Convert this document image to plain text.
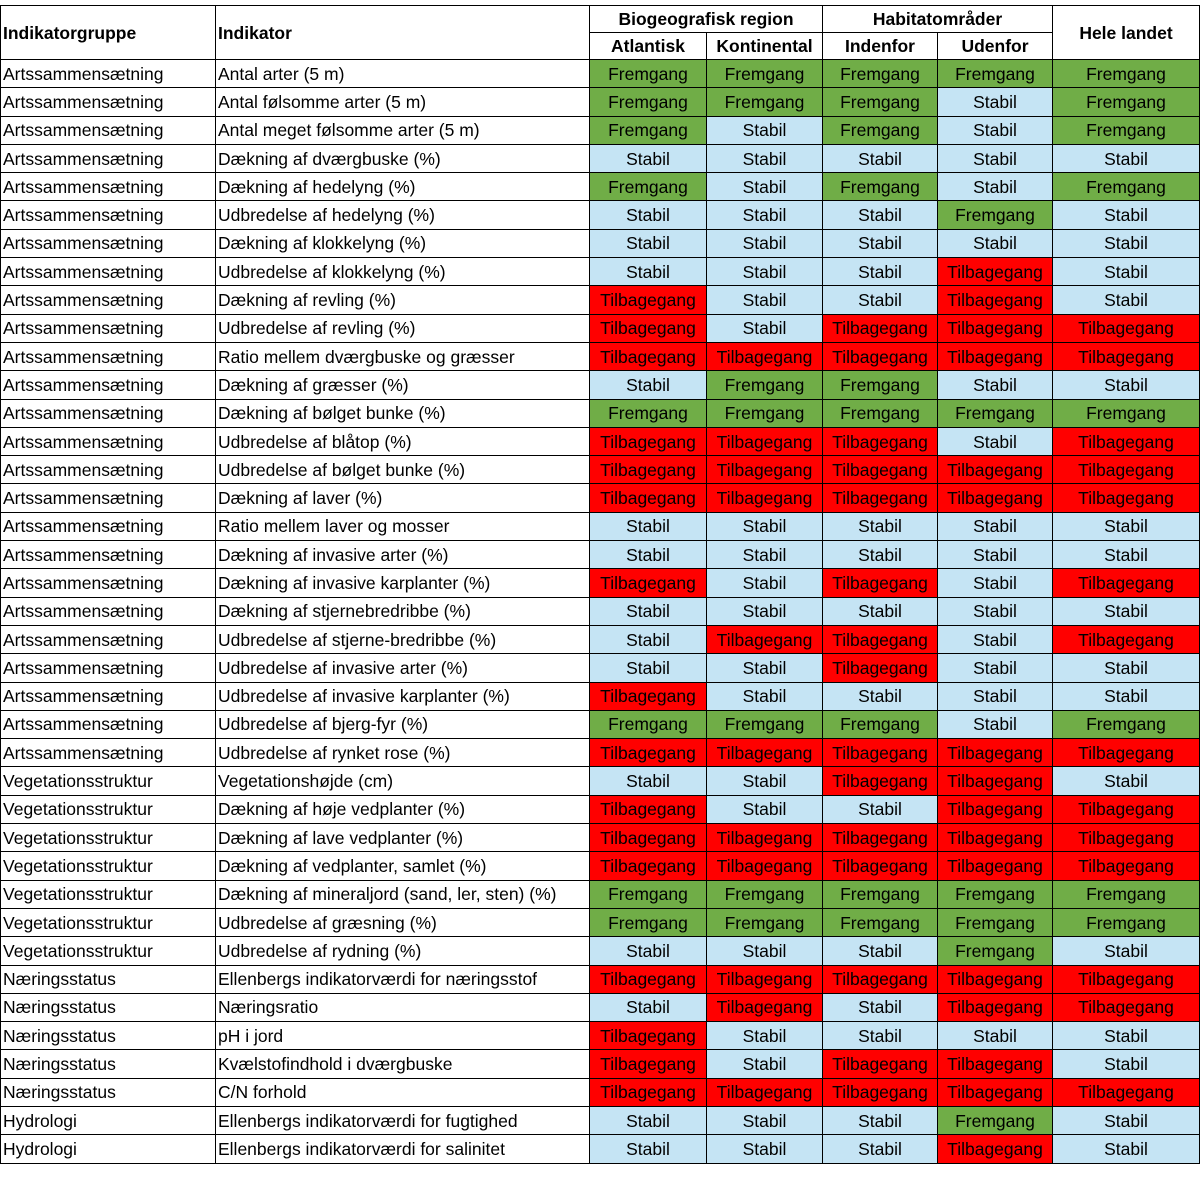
Indikatorgruppe	Indikator	Biogeografisk region		Habitatområder		Hele landet
		Atlantisk	Kontinental	Indenfor	Udenfor	
Artssammensætning	Antal arter (5 m)	Fremgang	Fremgang	Fremgang	Fremgang	Fremgang
Artssammensætning	Antal følsomme arter (5 m)	Fremgang	Fremgang	Fremgang	Stabil	Fremgang
Artssammensætning	Antal meget følsomme arter (5 m)	Fremgang	Stabil	Fremgang	Stabil	Fremgang
Artssammensætning	Dækning af dværgbuske (%)	Stabil	Stabil	Stabil	Stabil	Stabil
Artssammensætning	Dækning af hedelyng (%)	Fremgang	Stabil	Fremgang	Stabil	Fremgang
Artssammensætning	Udbredelse af hedelyng (%)	Stabil	Stabil	Stabil	Fremgang	Stabil
Artssammensætning	Dækning af klokkelyng (%)	Stabil	Stabil	Stabil	Stabil	Stabil
Artssammensætning	Udbredelse af klokkelyng (%)	Stabil	Stabil	Stabil	Tilbagegang	Stabil
Artssammensætning	Dækning af revling (%)	Tilbagegang	Stabil	Stabil	Tilbagegang	Stabil
Artssammensætning	Udbredelse af revling (%)	Tilbagegang	Stabil	Tilbagegang	Tilbagegang	Tilbagegang
Artssammensætning	Ratio mellem dværgbuske og græsser	Tilbagegang	Tilbagegang	Tilbagegang	Tilbagegang	Tilbagegang
Artssammensætning	Dækning af græsser (%)	Stabil	Fremgang	Fremgang	Stabil	Stabil
Artssammensætning	Dækning af bølget bunke (%)	Fremgang	Fremgang	Fremgang	Fremgang	Fremgang
Artssammensætning	Udbredelse af blåtop (%)	Tilbagegang	Tilbagegang	Tilbagegang	Stabil	Tilbagegang
Artssammensætning	Udbredelse af bølget bunke (%)	Tilbagegang	Tilbagegang	Tilbagegang	Tilbagegang	Tilbagegang
Artssammensætning	Dækning af laver (%)	Tilbagegang	Tilbagegang	Tilbagegang	Tilbagegang	Tilbagegang
Artssammensætning	Ratio mellem laver og mosser	Stabil	Stabil	Stabil	Stabil	Stabil
Artssammensætning	Dækning af invasive arter (%)	Stabil	Stabil	Stabil	Stabil	Stabil
Artssammensætning	Dækning af invasive karplanter (%)	Tilbagegang	Stabil	Tilbagegang	Stabil	Tilbagegang
Artssammensætning	Dækning af stjernebredribbe (%)	Stabil	Stabil	Stabil	Stabil	Stabil
Artssammensætning	Udbredelse af stjerne-bredribbe (%)	Stabil	Tilbagegang	Tilbagegang	Stabil	Tilbagegang
Artssammensætning	Udbredelse af invasive arter (%)	Stabil	Stabil	Tilbagegang	Stabil	Stabil
Artssammensætning	Udbredelse af invasive karplanter (%)	Tilbagegang	Stabil	Stabil	Stabil	Stabil
Artssammensætning	Udbredelse af bjerg-fyr (%)	Fremgang	Fremgang	Fremgang	Stabil	Fremgang
Artssammensætning	Udbredelse af rynket rose (%)	Tilbagegang	Tilbagegang	Tilbagegang	Tilbagegang	Tilbagegang
Vegetationsstruktur	Vegetationshøjde (cm)	Stabil	Stabil	Tilbagegang	Tilbagegang	Stabil
Vegetationsstruktur	Dækning af høje vedplanter (%)	Tilbagegang	Stabil	Stabil	Tilbagegang	Tilbagegang
Vegetationsstruktur	Dækning af lave vedplanter (%)	Tilbagegang	Tilbagegang	Tilbagegang	Tilbagegang	Tilbagegang
Vegetationsstruktur	Dækning af vedplanter, samlet (%)	Tilbagegang	Tilbagegang	Tilbagegang	Tilbagegang	Tilbagegang
Vegetationsstruktur	Dækning af mineraljord (sand, ler, sten) (%)	Fremgang	Fremgang	Fremgang	Fremgang	Fremgang
Vegetationsstruktur	Udbredelse af græsning (%)	Fremgang	Fremgang	Fremgang	Fremgang	Fremgang
Vegetationsstruktur	Udbredelse af rydning (%)	Stabil	Stabil	Stabil	Fremgang	Stabil
Næringsstatus	Ellenbergs indikatorværdi for næringsstof	Tilbagegang	Tilbagegang	Tilbagegang	Tilbagegang	Tilbagegang
Næringsstatus	Næringsratio	Stabil	Tilbagegang	Stabil	Tilbagegang	Tilbagegang
Næringsstatus	pH i jord	Tilbagegang	Stabil	Stabil	Stabil	Stabil
Næringsstatus	Kvælstofindhold i dværgbuske	Tilbagegang	Stabil	Tilbagegang	Tilbagegang	Stabil
Næringsstatus	C/N forhold	Tilbagegang	Tilbagegang	Tilbagegang	Tilbagegang	Tilbagegang
Hydrologi	Ellenbergs indikatorværdi for fugtighed	Stabil	Stabil	Stabil	Fremgang	Stabil
Hydrologi	Ellenbergs indikatorværdi for salinitet	Stabil	Stabil	Stabil	Tilbagegang	Stabil
